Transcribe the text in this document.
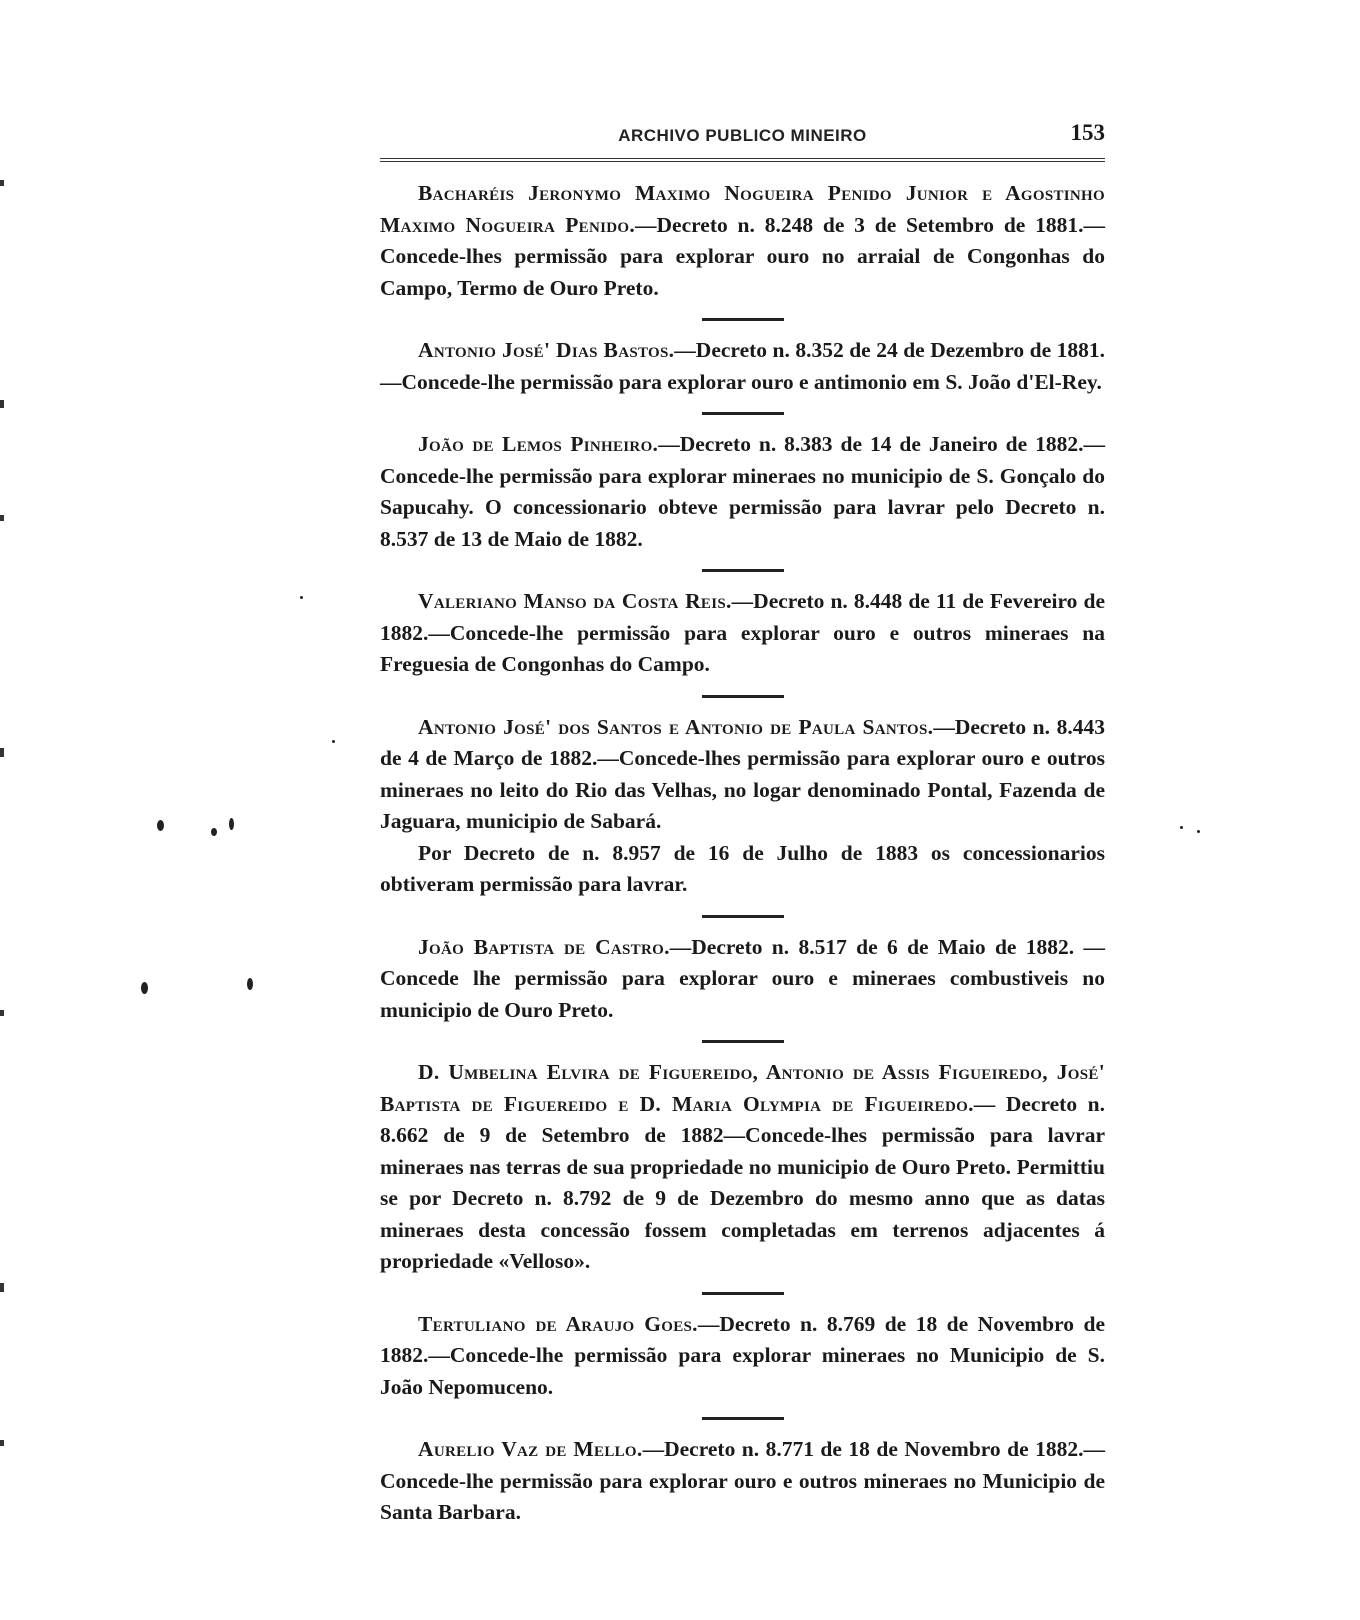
ARCHIVO PUBLICO MINEIRO	153

Bacharéis Jeronymo Maximo Nogueira Penido Junior e Agostinho Maximo Nogueira Penido.—Decreto n. 8.248 de 3 de Setembro de 1881.—Concede-lhes permissão para explorar ouro no arraial de Congonhas do Campo, Termo de Ouro Preto.

Antonio José' Dias Bastos.—Decreto n. 8.352 de 24 de Dezembro de 1881.—Concede-lhe permissão para explorar ouro e antimonio em S. João d'El-Rey.

João de Lemos Pinheiro.—Decreto n. 8.383 de 14 de Janeiro de 1882.—Concede-lhe permissão para explorar mineraes no municipio de S. Gonçalo do Sapucahy. O concessionario obteve permissão para lavrar pelo Decreto n. 8.537 de 13 de Maio de 1882.

Valeriano Manso da Costa Reis.—Decreto n. 8.448 de 11 de Fevereiro de 1882.—Concede-lhe permissão para explorar ouro e outros mineraes na Freguesia de Congonhas do Campo.

Antonio José' dos Santos e Antonio de Paula Santos.—Decreto n. 8.443 de 4 de Março de 1882.—Concede-lhes permissão para explorar ouro e outros mineraes no leito do Rio das Velhas, no logar denominado Pontal, Fazenda de Jaguara, municipio de Sabará.

Por Decreto de n. 8.957 de 16 de Julho de 1883 os concessionarios obtiveram permissão para lavrar.

João Baptista de Castro.—Decreto n. 8.517 de 6 de Maio de 1882. —Concede lhe permissão para explorar ouro e mineraes combustiveis no municipio de Ouro Preto.

D. Umbelina Elvira de Figuereido, Antonio de Assis Figueiredo, José' Baptista de Figuereido e D. Maria Olympia de Figueiredo.— Decreto n. 8.662 de 9 de Setembro de 1882—Concede-lhes permissão para lavrar mineraes nas terras de sua propriedade no municipio de Ouro Preto. Permittiu se por Decreto n. 8.792 de 9 de Dezembro do mesmo anno que as datas mineraes desta concessão fossem completadas em terrenos adjacentes á propriedade «Velloso».

Tertuliano de Araujo Goes.—Decreto n. 8.769 de 18 de Novembro de 1882.—Concede-lhe permissão para explorar mineraes no Municipio de S. João Nepomuceno.

Aurelio Vaz de Mello.—Decreto n. 8.771 de 18 de Novembro de 1882.—Concede-lhe permissão para explorar ouro e outros mineraes no Municipio de Santa Barbara.
